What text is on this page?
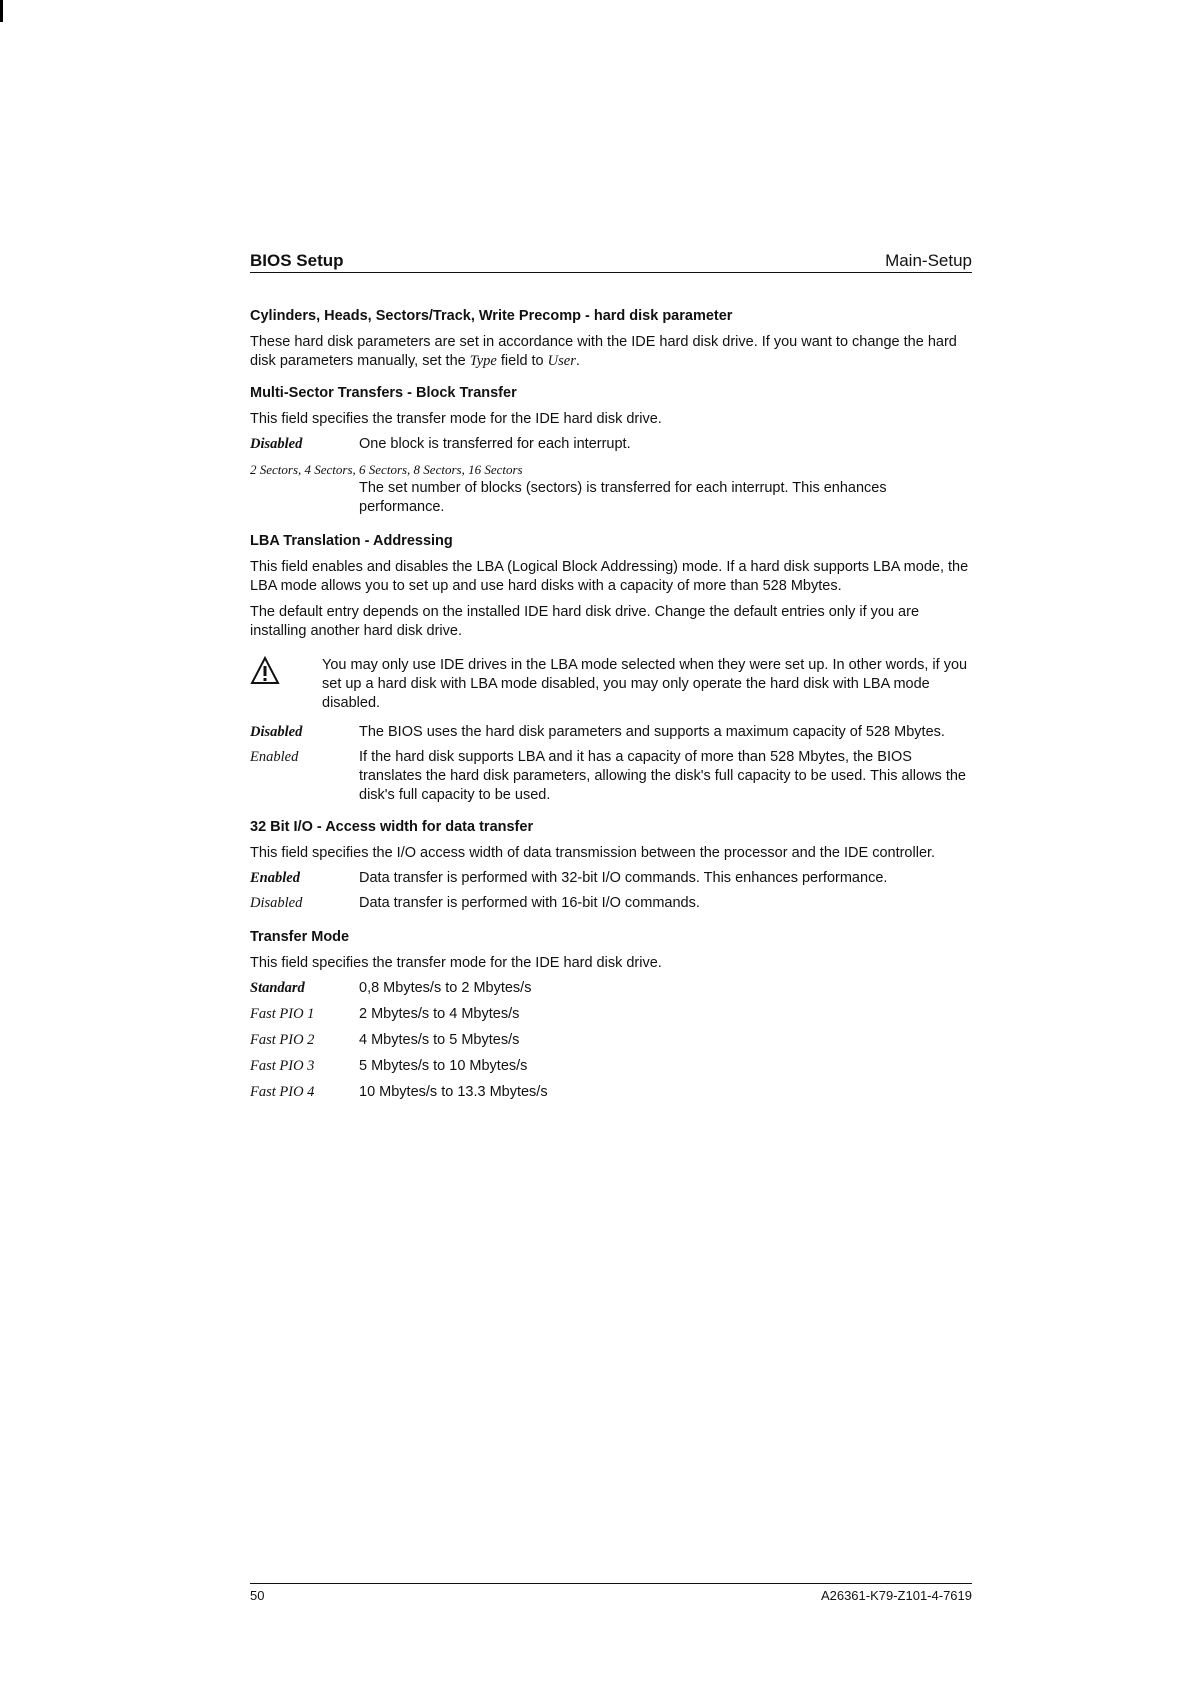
BIOS Setup	Main-Setup
Cylinders, Heads, Sectors/Track, Write Precomp - hard disk parameter

These hard disk parameters are set in accordance with the IDE hard disk drive. If you want to change the hard disk parameters manually, set the Type field to User.

Multi-Sector Transfers - Block Transfer

This field specifies the transfer mode for the IDE hard disk drive.

Disabled	One block is transferred for each interrupt.
2 Sectors, 4 Sectors, 6 Sectors, 8 Sectors, 16 Sectors
The set number of blocks (sectors) is transferred for each interrupt. This enhances performance.
LBA Translation - Addressing

This field enables and disables the LBA (Logical Block Addressing) mode. If a hard disk supports LBA mode, the LBA mode allows you to set up and use hard disks with a capacity of more than 528 Mbytes.

The default entry depends on the installed IDE hard disk drive. Change the default entries only if you are installing another hard disk drive.

You may only use IDE drives in the LBA mode selected when they were set up. In other words, if you set up a hard disk with LBA mode disabled, you may only operate the hard disk with LBA mode disabled.
Disabled	The BIOS uses the hard disk parameters and supports a maximum capacity of 528 Mbytes.
Enabled	If the hard disk supports LBA and it has a capacity of more than 528 Mbytes, the BIOS translates the hard disk parameters, allowing the disk's full capacity to be used. This allows the disk's full capacity to be used.
32 Bit I/O - Access width for data transfer

This field specifies the I/O access width of data transmission between the processor and the IDE controller.

Enabled	Data transfer is performed with 32-bit I/O commands. This enhances performance.
Disabled	Data transfer is performed with 16-bit I/O commands.
Transfer Mode

This field specifies the transfer mode for the IDE hard disk drive.

Standard	0,8 Mbytes/s to 2 Mbytes/s
Fast PIO 1	2 Mbytes/s to 4 Mbytes/s
Fast PIO 2	4 Mbytes/s to 5 Mbytes/s
Fast PIO 3	5 Mbytes/s to 10 Mbytes/s
Fast PIO 4	10 Mbytes/s to 13.3 Mbytes/s
50	A26361-K79-Z101-4-7619
